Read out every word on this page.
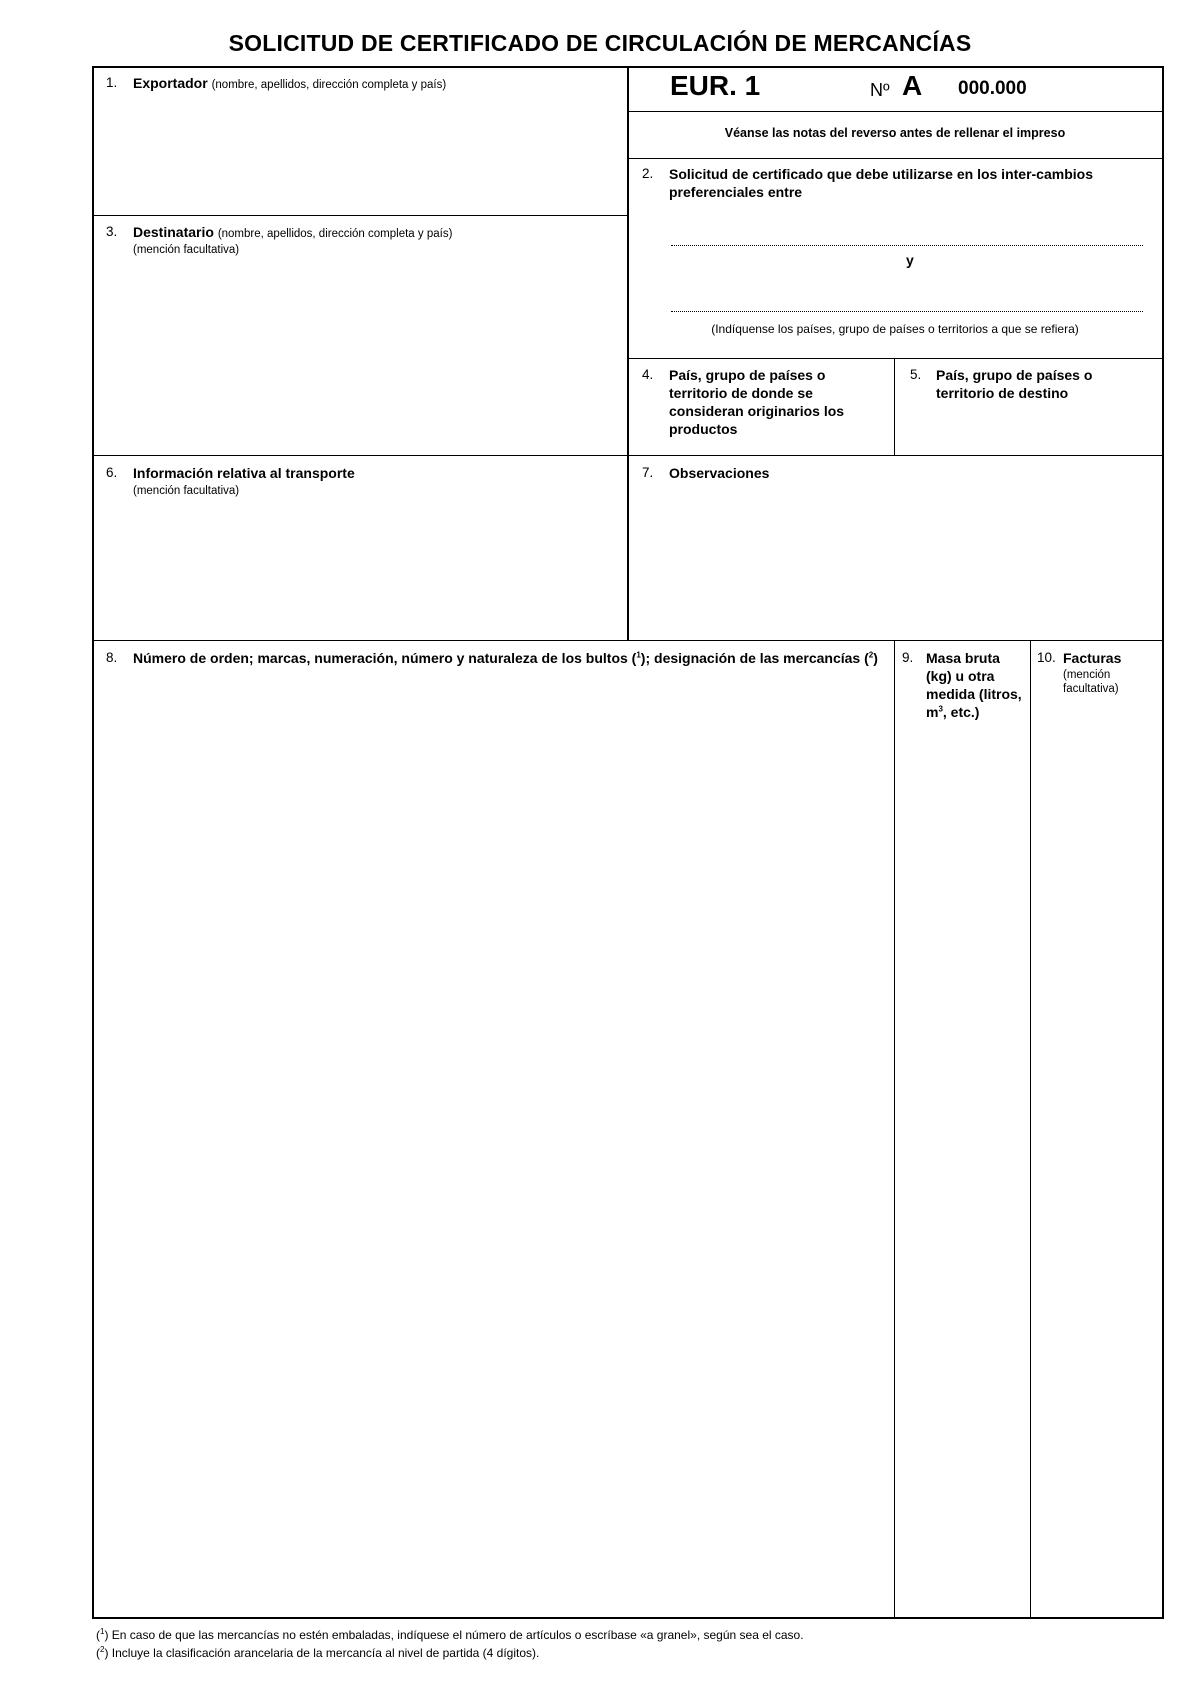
SOLICITUD DE CERTIFICADO DE CIRCULACIÓN DE MERCANCÍAS
EUR. 1	Nº A 000.000
Véanse las notas del reverso antes de rellenar el impreso
1. Exportador (nombre, apellidos, dirección completa y país)
2. Solicitud de certificado que debe utilizarse en los inter-cambios preferenciales entre
y
(Indíquense los países, grupo de países o territorios a que se refiera)
3. Destinatario (nombre, apellidos, dirección completa y país)
(mención facultativa)
4. País, grupo de países o territorio de donde se consideran originarios los productos
5. País, grupo de países o territorio de destino
6. Información relativa al transporte
(mención facultativa)
7. Observaciones
8. Número de orden; marcas, numeración, número y naturaleza de los bultos ($^1$); designación de las mercancías ($^2$)	9. Masa bruta (kg) u otra medida (litros, $m^3$, etc.)
10. Facturas
(mención facultativa)
($^1$) En caso de que las mercancías no estén embaladas, indíquese el número de artículos o escríbase «a granel», según sea el caso.
($^2$) Incluye la clasificación arancelaria de la mercancía al nivel de partida (4 dígitos).
